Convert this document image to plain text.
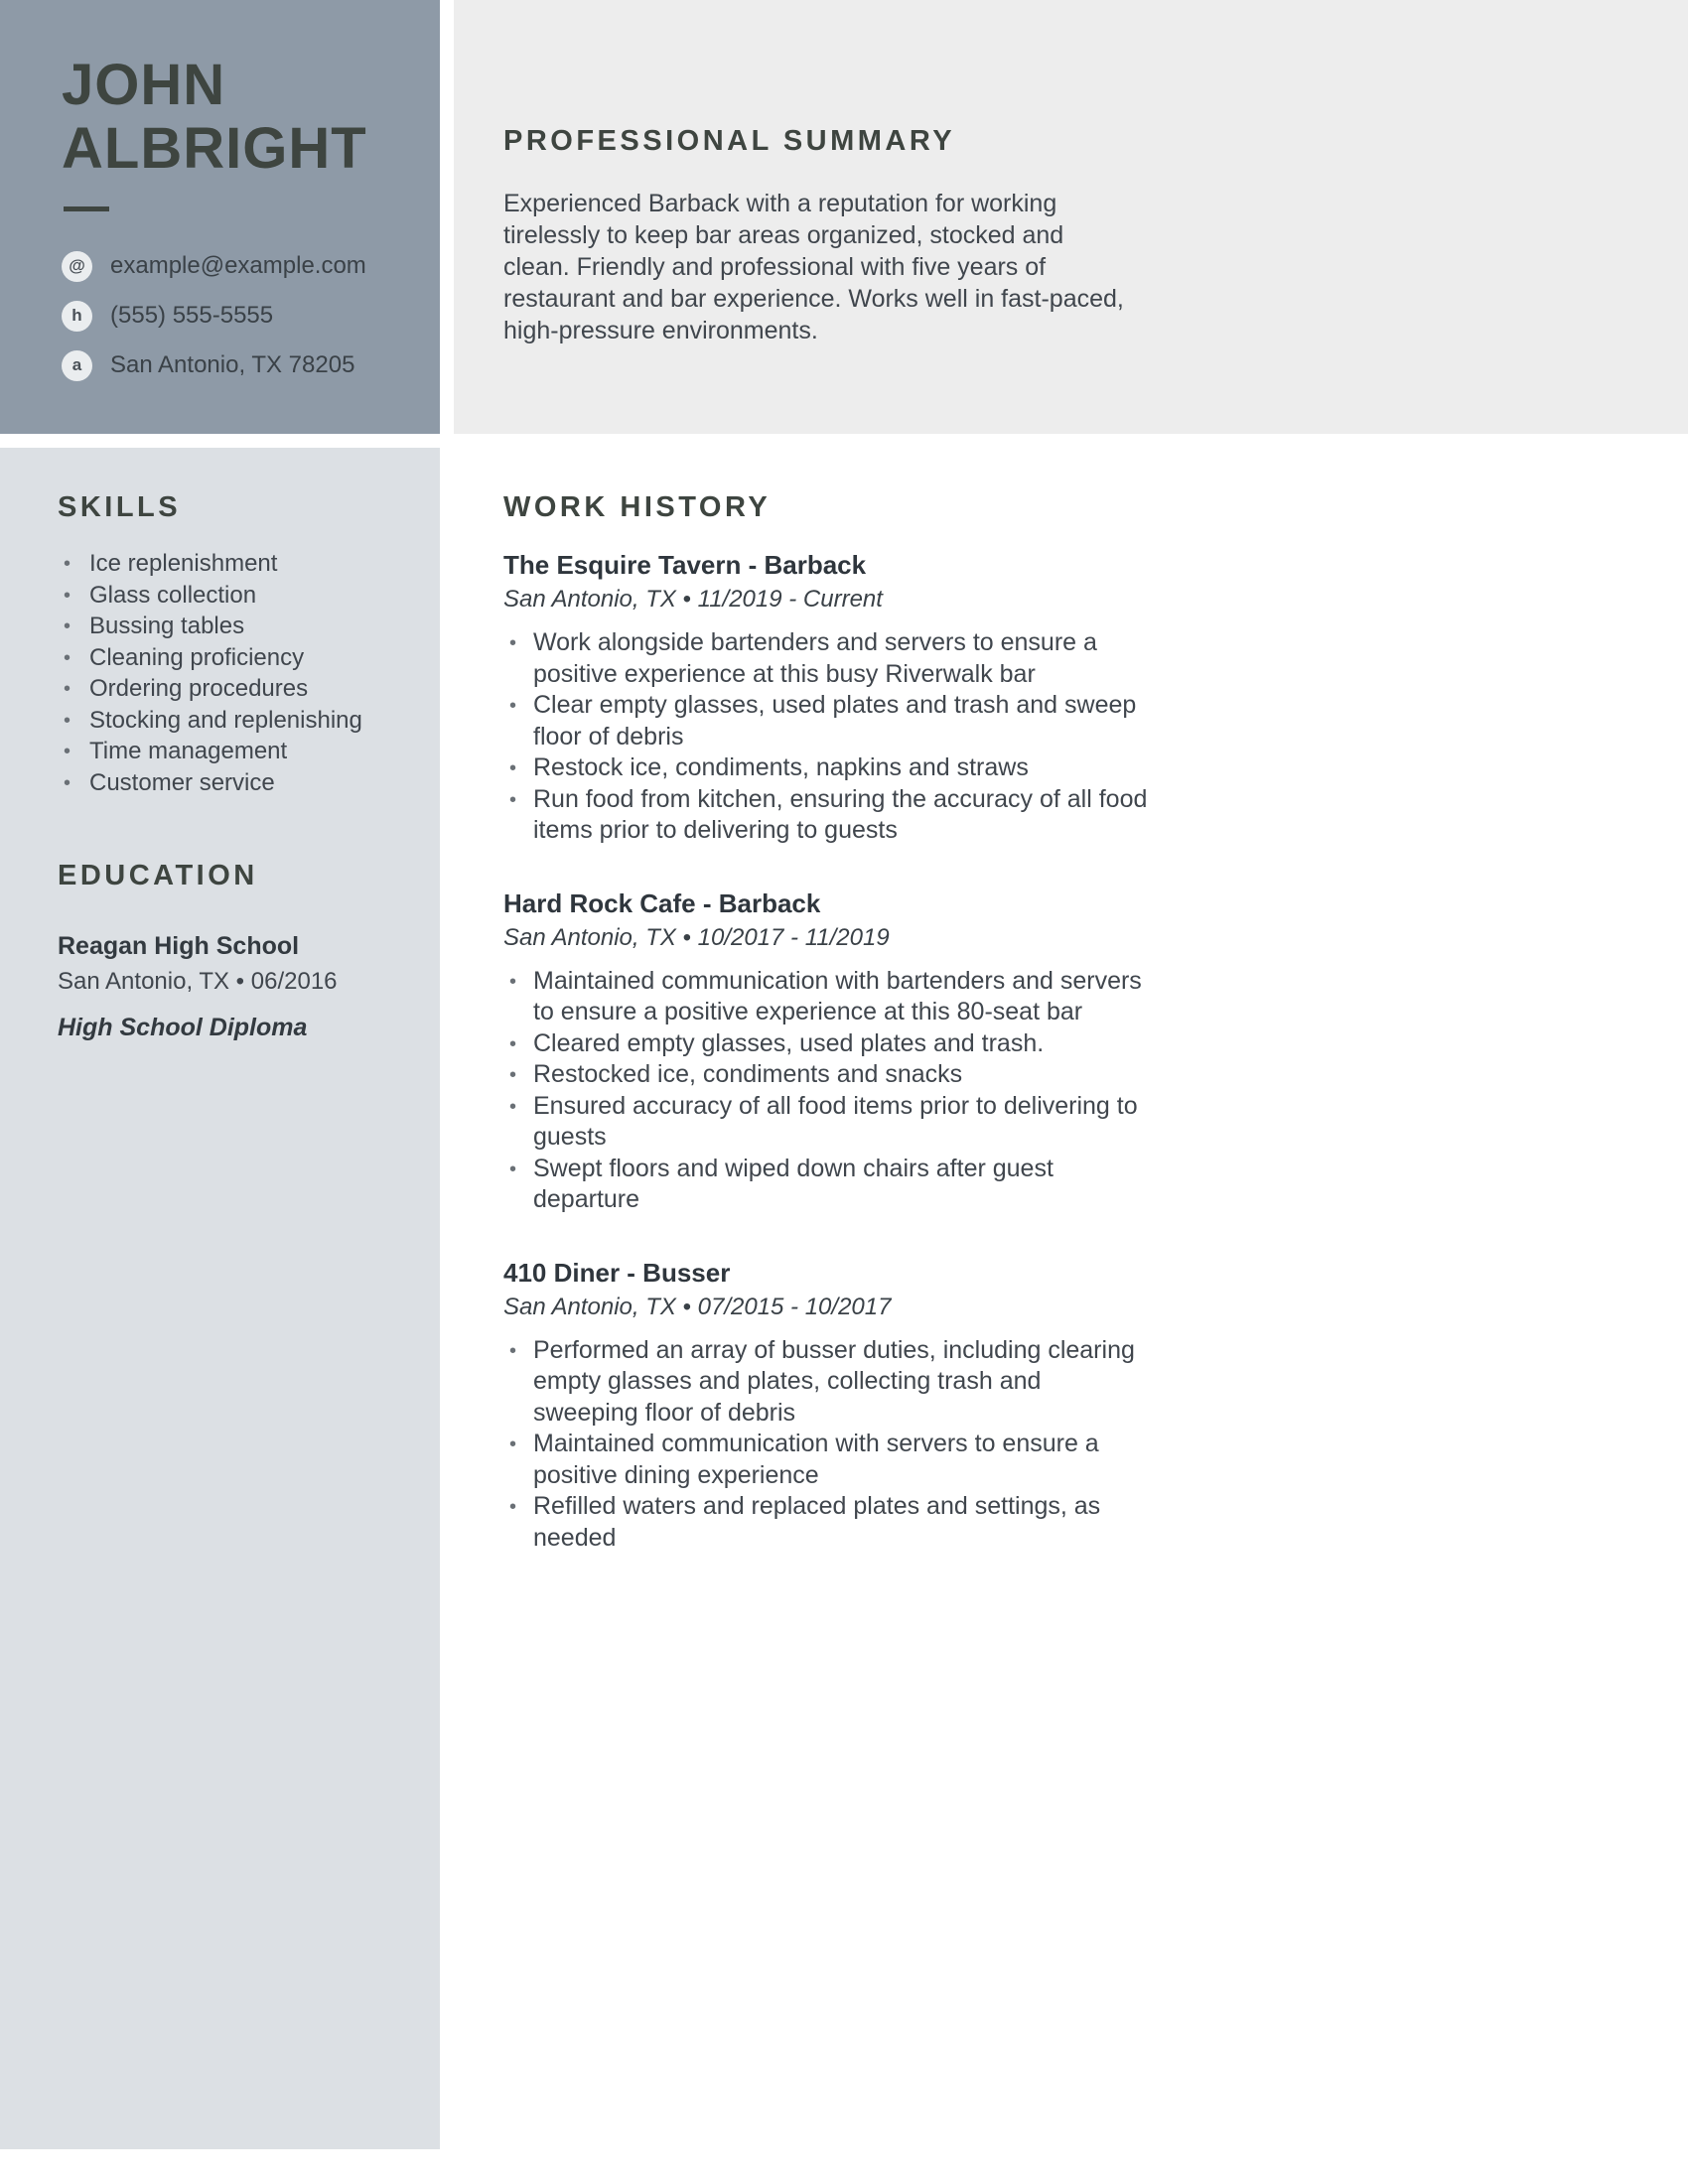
JOHN
ALBRIGHT
@	example@example.com
h	(555) 555-5555
a	San Antonio, TX 78205
PROFESSIONAL SUMMARY

Experienced Barback with a reputation for working tirelessly to keep bar areas organized, stocked and clean. Friendly and professional with five years of restaurant and bar experience. Works well in fast-paced, high-pressure environments.

SKILLS
• Ice replenishment
• Glass collection
• Bussing tables
• Cleaning proficiency
• Ordering procedures
• Stocking and replenishing
• Time management
• Customer service
EDUCATION

Reagan High School

San Antonio, TX • 06/2016

High School Diploma

WORK HISTORY
The Esquire Tavern - Barback

San Antonio, TX • 11/2019 - Current

• Work alongside bartenders and servers to ensure a positive experience at this busy Riverwalk bar
• Clear empty glasses, used plates and trash and sweep floor of debris
• Restock ice, condiments, napkins and straws
• Run food from kitchen, ensuring the accuracy of all food items prior to delivering to guests
Hard Rock Cafe - Barback

San Antonio, TX • 10/2017 - 11/2019

• Maintained communication with bartenders and servers to ensure a positive experience at this 80-seat bar
• Cleared empty glasses, used plates and trash.
• Restocked ice, condiments and snacks
• Ensured accuracy of all food items prior to delivering to guests
• Swept floors and wiped down chairs after guest departure
410 Diner - Busser

San Antonio, TX • 07/2015 - 10/2017

• Performed an array of busser duties, including clearing empty glasses and plates, collecting trash and sweeping floor of debris
• Maintained communication with servers to ensure a positive dining experience
• Refilled waters and replaced plates and settings, as needed
